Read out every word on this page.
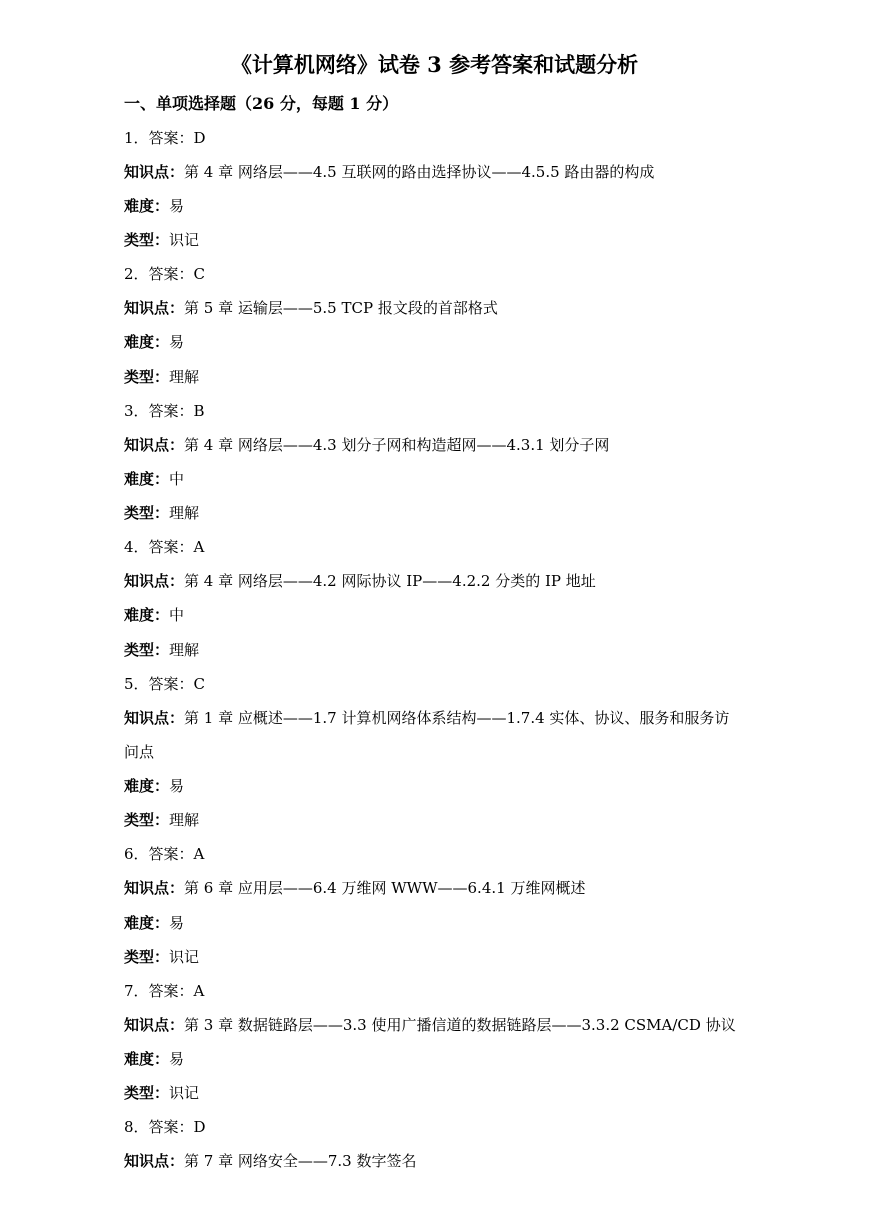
《计算机网络》试卷 3 参考答案和试题分析
一、单项选择题（26 分，每题 1 分）
1．答案：D
知识点：第 4 章 网络层——4.5 互联网的路由选择协议——4.5.5 路由器的构成
难度：易
类型：识记
2．答案：C
知识点：第 5 章 运输层——5.5 TCP 报文段的首部格式
难度：易
类型：理解
3．答案：B
知识点：第 4 章 网络层——4.3 划分子网和构造超网——4.3.1 划分子网
难度：中
类型：理解
4．答案：A
知识点：第 4 章 网络层——4.2 网际协议 IP——4.2.2 分类的 IP 地址
难度：中
类型：理解
5．答案：C
知识点：第 1 章 应概述——1.7 计算机网络体系结构——1.7.4 实体、协议、服务和服务访
问点
难度：易
类型：理解
6．答案：A
知识点：第 6 章 应用层——6.4 万维网 WWW——6.4.1 万维网概述
难度：易
类型：识记
7．答案：A
知识点：第 3 章 数据链路层——3.3 使用广播信道的数据链路层——3.3.2 CSMA/CD 协议
难度：易
类型：识记
8．答案：D
知识点：第 7 章 网络安全——7.3 数字签名
